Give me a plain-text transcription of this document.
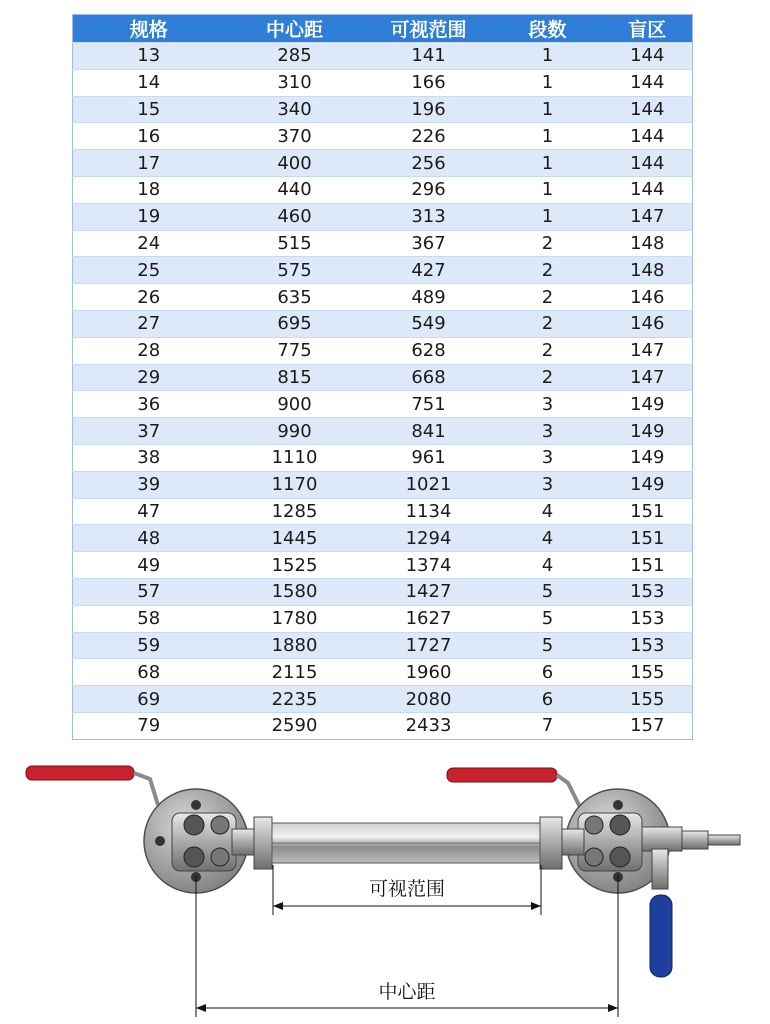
规格	中心距	可视范围	段数	盲区
13	285	141	1	144
14	310	166	1	144
15	340	196	1	144
16	370	226	1	144
17	400	256	1	144
18	440	296	1	144
19	460	313	1	147
24	515	367	2	148
25	575	427	2	148
26	635	489	2	146
27	695	549	2	146
28	775	628	2	147
29	815	668	2	147
36	900	751	3	149
37	990	841	3	149
38	1110	961	3	149
39	1170	1021	3	149
47	1285	1134	4	151
48	1445	1294	4	151
49	1525	1374	4	151
57	1580	1427	5	153
58	1780	1627	5	153
59	1880	1727	5	153
68	2115	1960	6	155
69	2235	2080	6	155
79	2590	2433	7	157
可视范围
中心距
